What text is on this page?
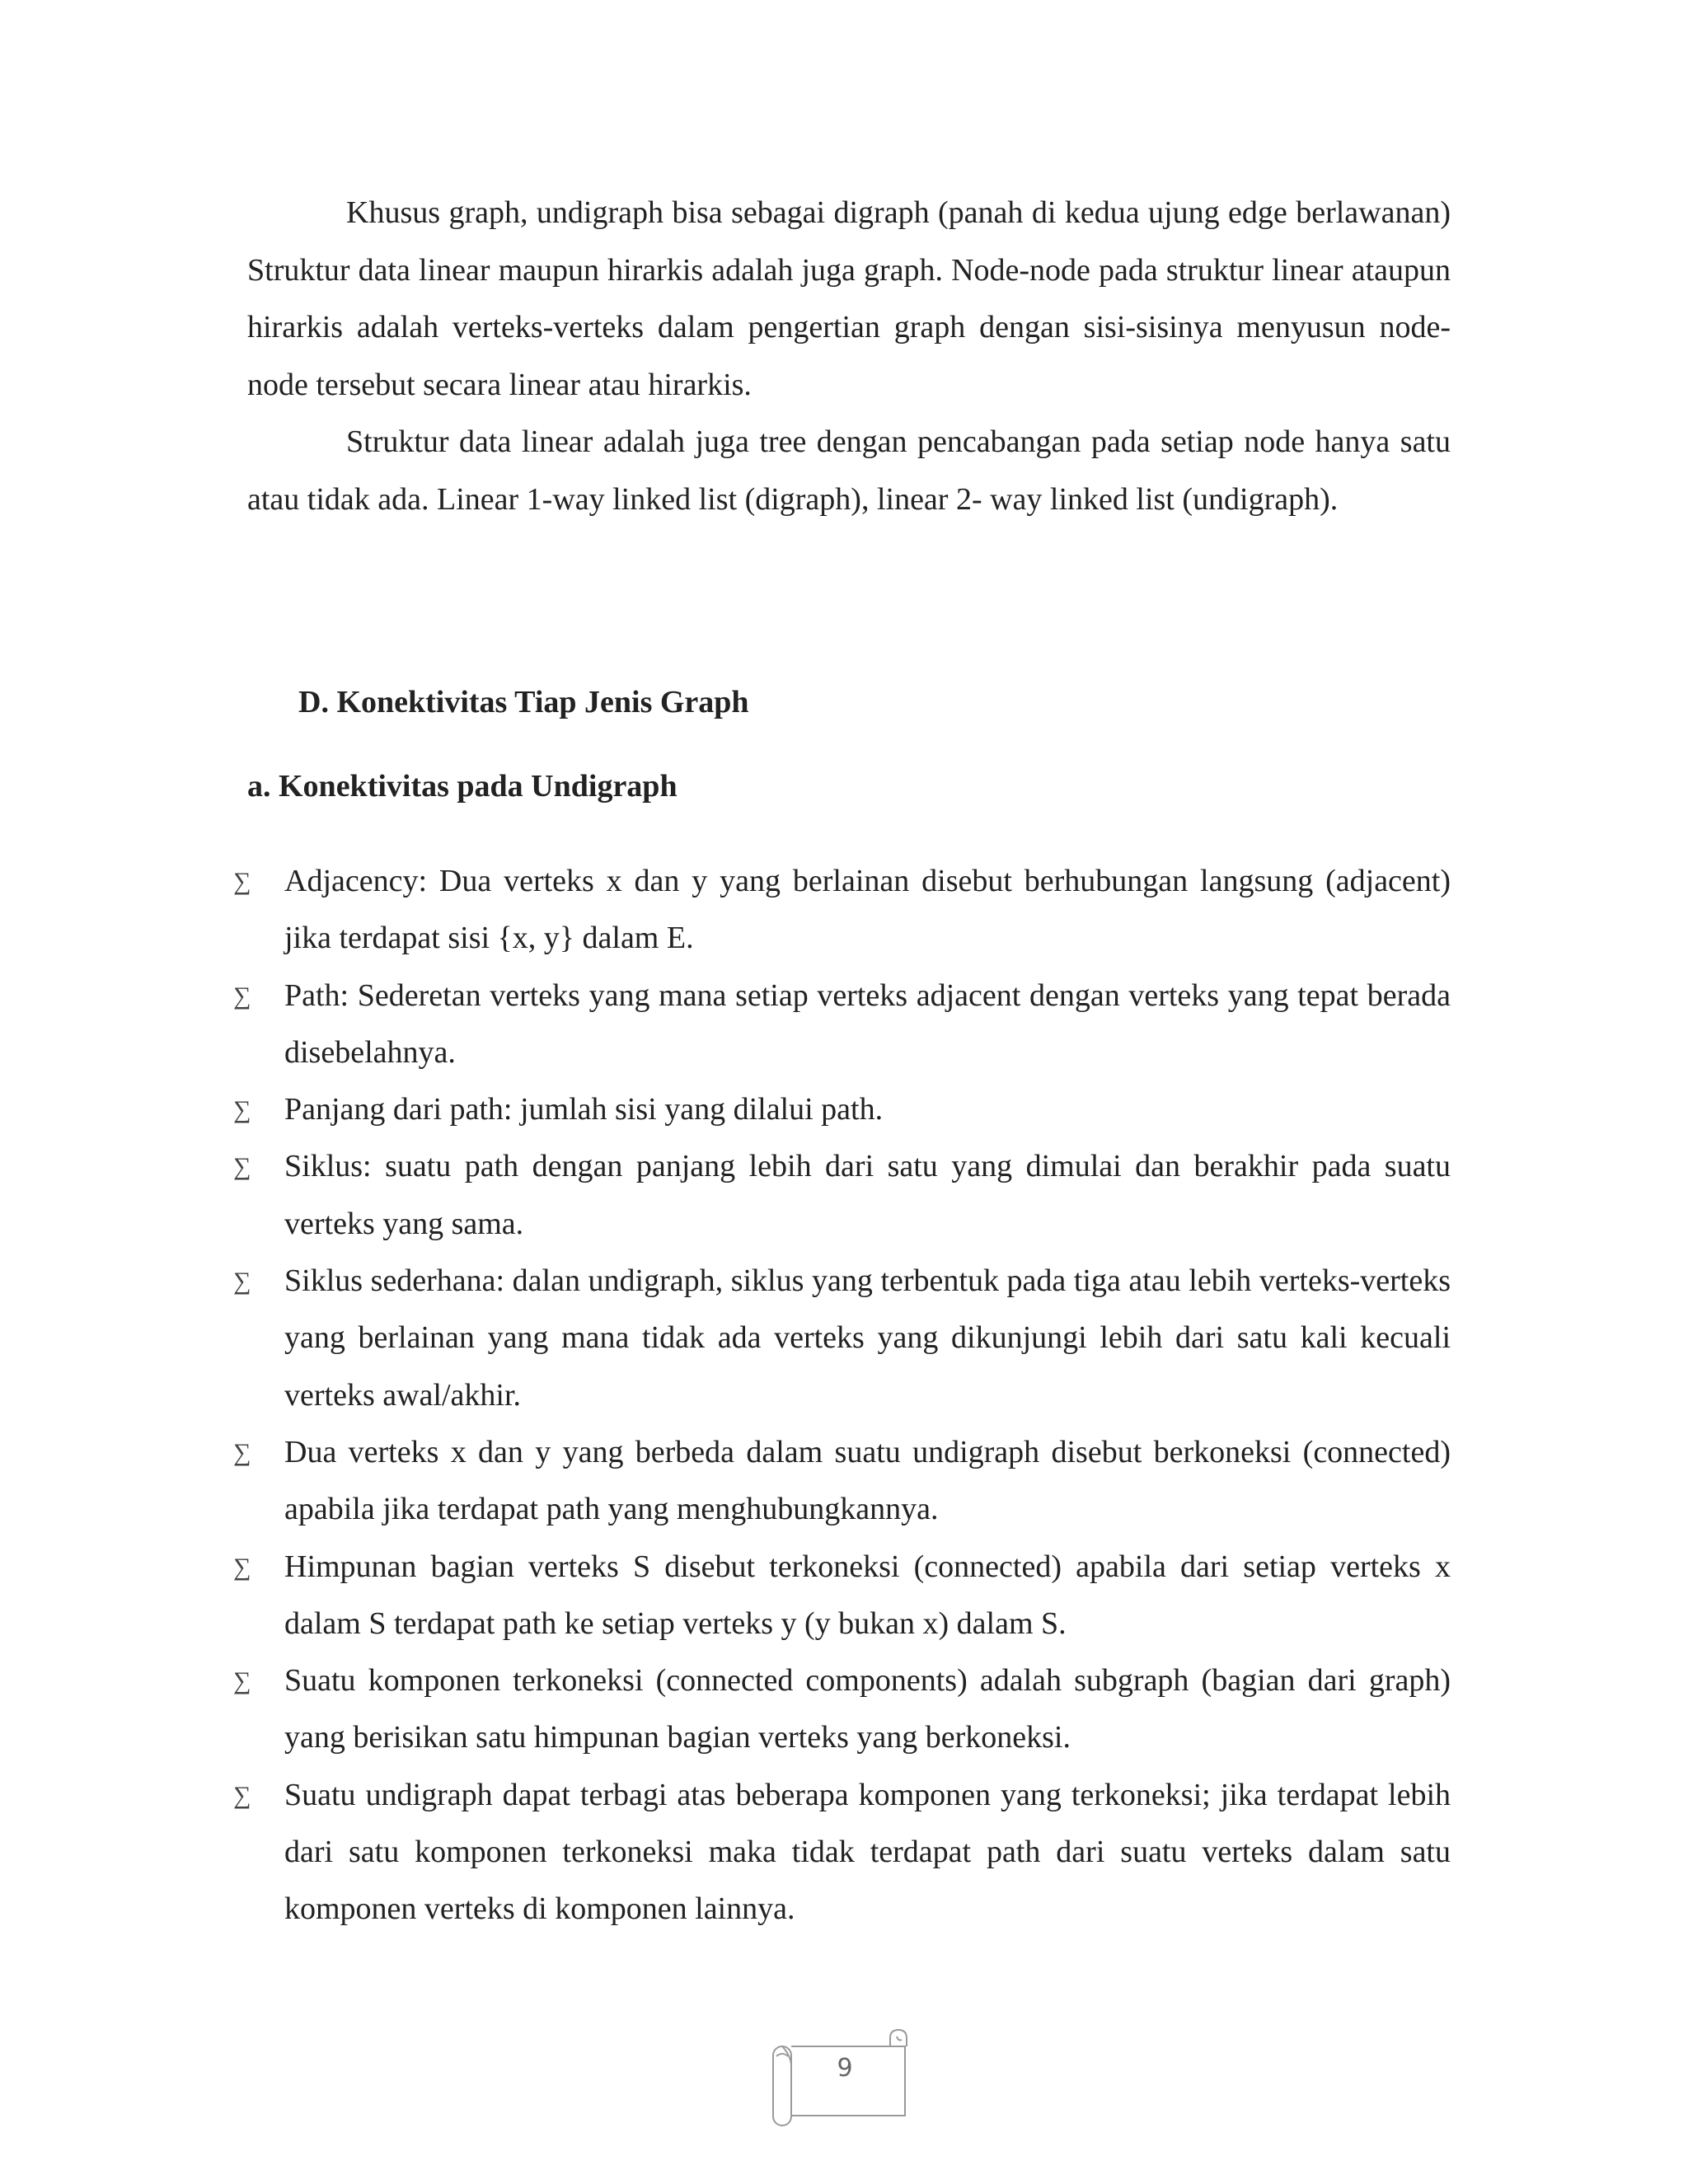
Khusus graph, undigraph bisa sebagai digraph (panah di kedua ujung edge berlawanan) Struktur data linear maupun hirarkis adalah juga graph. Node-node pada struktur linear ataupun hirarkis adalah verteks-verteks dalam pengertian graph dengan sisi-sisinya menyusun node-node tersebut secara linear atau hirarkis.

Struktur data linear adalah juga tree dengan pencabangan pada setiap node hanya satu atau tidak ada. Linear 1-way linked list (digraph), linear 2- way linked list (undigraph).

D. Konektivitas Tiap Jenis Graph
a. Konektivitas pada Undigraph
∑ Adjacency: Dua verteks x dan y yang berlainan disebut berhubungan langsung (adjacent) jika terdapat sisi {x, y} dalam E.
∑ Path: Sederetan verteks yang mana setiap verteks adjacent dengan verteks yang tepat berada disebelahnya.
∑ Panjang dari path: jumlah sisi yang dilalui path.
∑ Siklus: suatu path dengan panjang lebih dari satu yang dimulai dan berakhir pada suatu verteks yang sama.
∑ Siklus sederhana: dalan undigraph, siklus yang terbentuk pada tiga atau lebih verteks-verteks yang berlainan yang mana tidak ada verteks yang dikunjungi lebih dari satu kali kecuali verteks awal/akhir.
∑ Dua verteks x dan y yang berbeda dalam suatu undigraph disebut berkoneksi (connected) apabila jika terdapat path yang menghubungkannya.
∑ Himpunan bagian verteks S disebut terkoneksi (connected) apabila dari setiap verteks x dalam S terdapat path ke setiap verteks y (y bukan x) dalam S.
∑ Suatu komponen terkoneksi (connected components) adalah subgraph (bagian dari graph) yang berisikan satu himpunan bagian verteks yang berkoneksi.
∑ Suatu undigraph dapat terbagi atas beberapa komponen yang terkoneksi; jika terdapat lebih dari satu komponen terkoneksi maka tidak terdapat path dari suatu verteks dalam satu komponen verteks di komponen lainnya.
9
